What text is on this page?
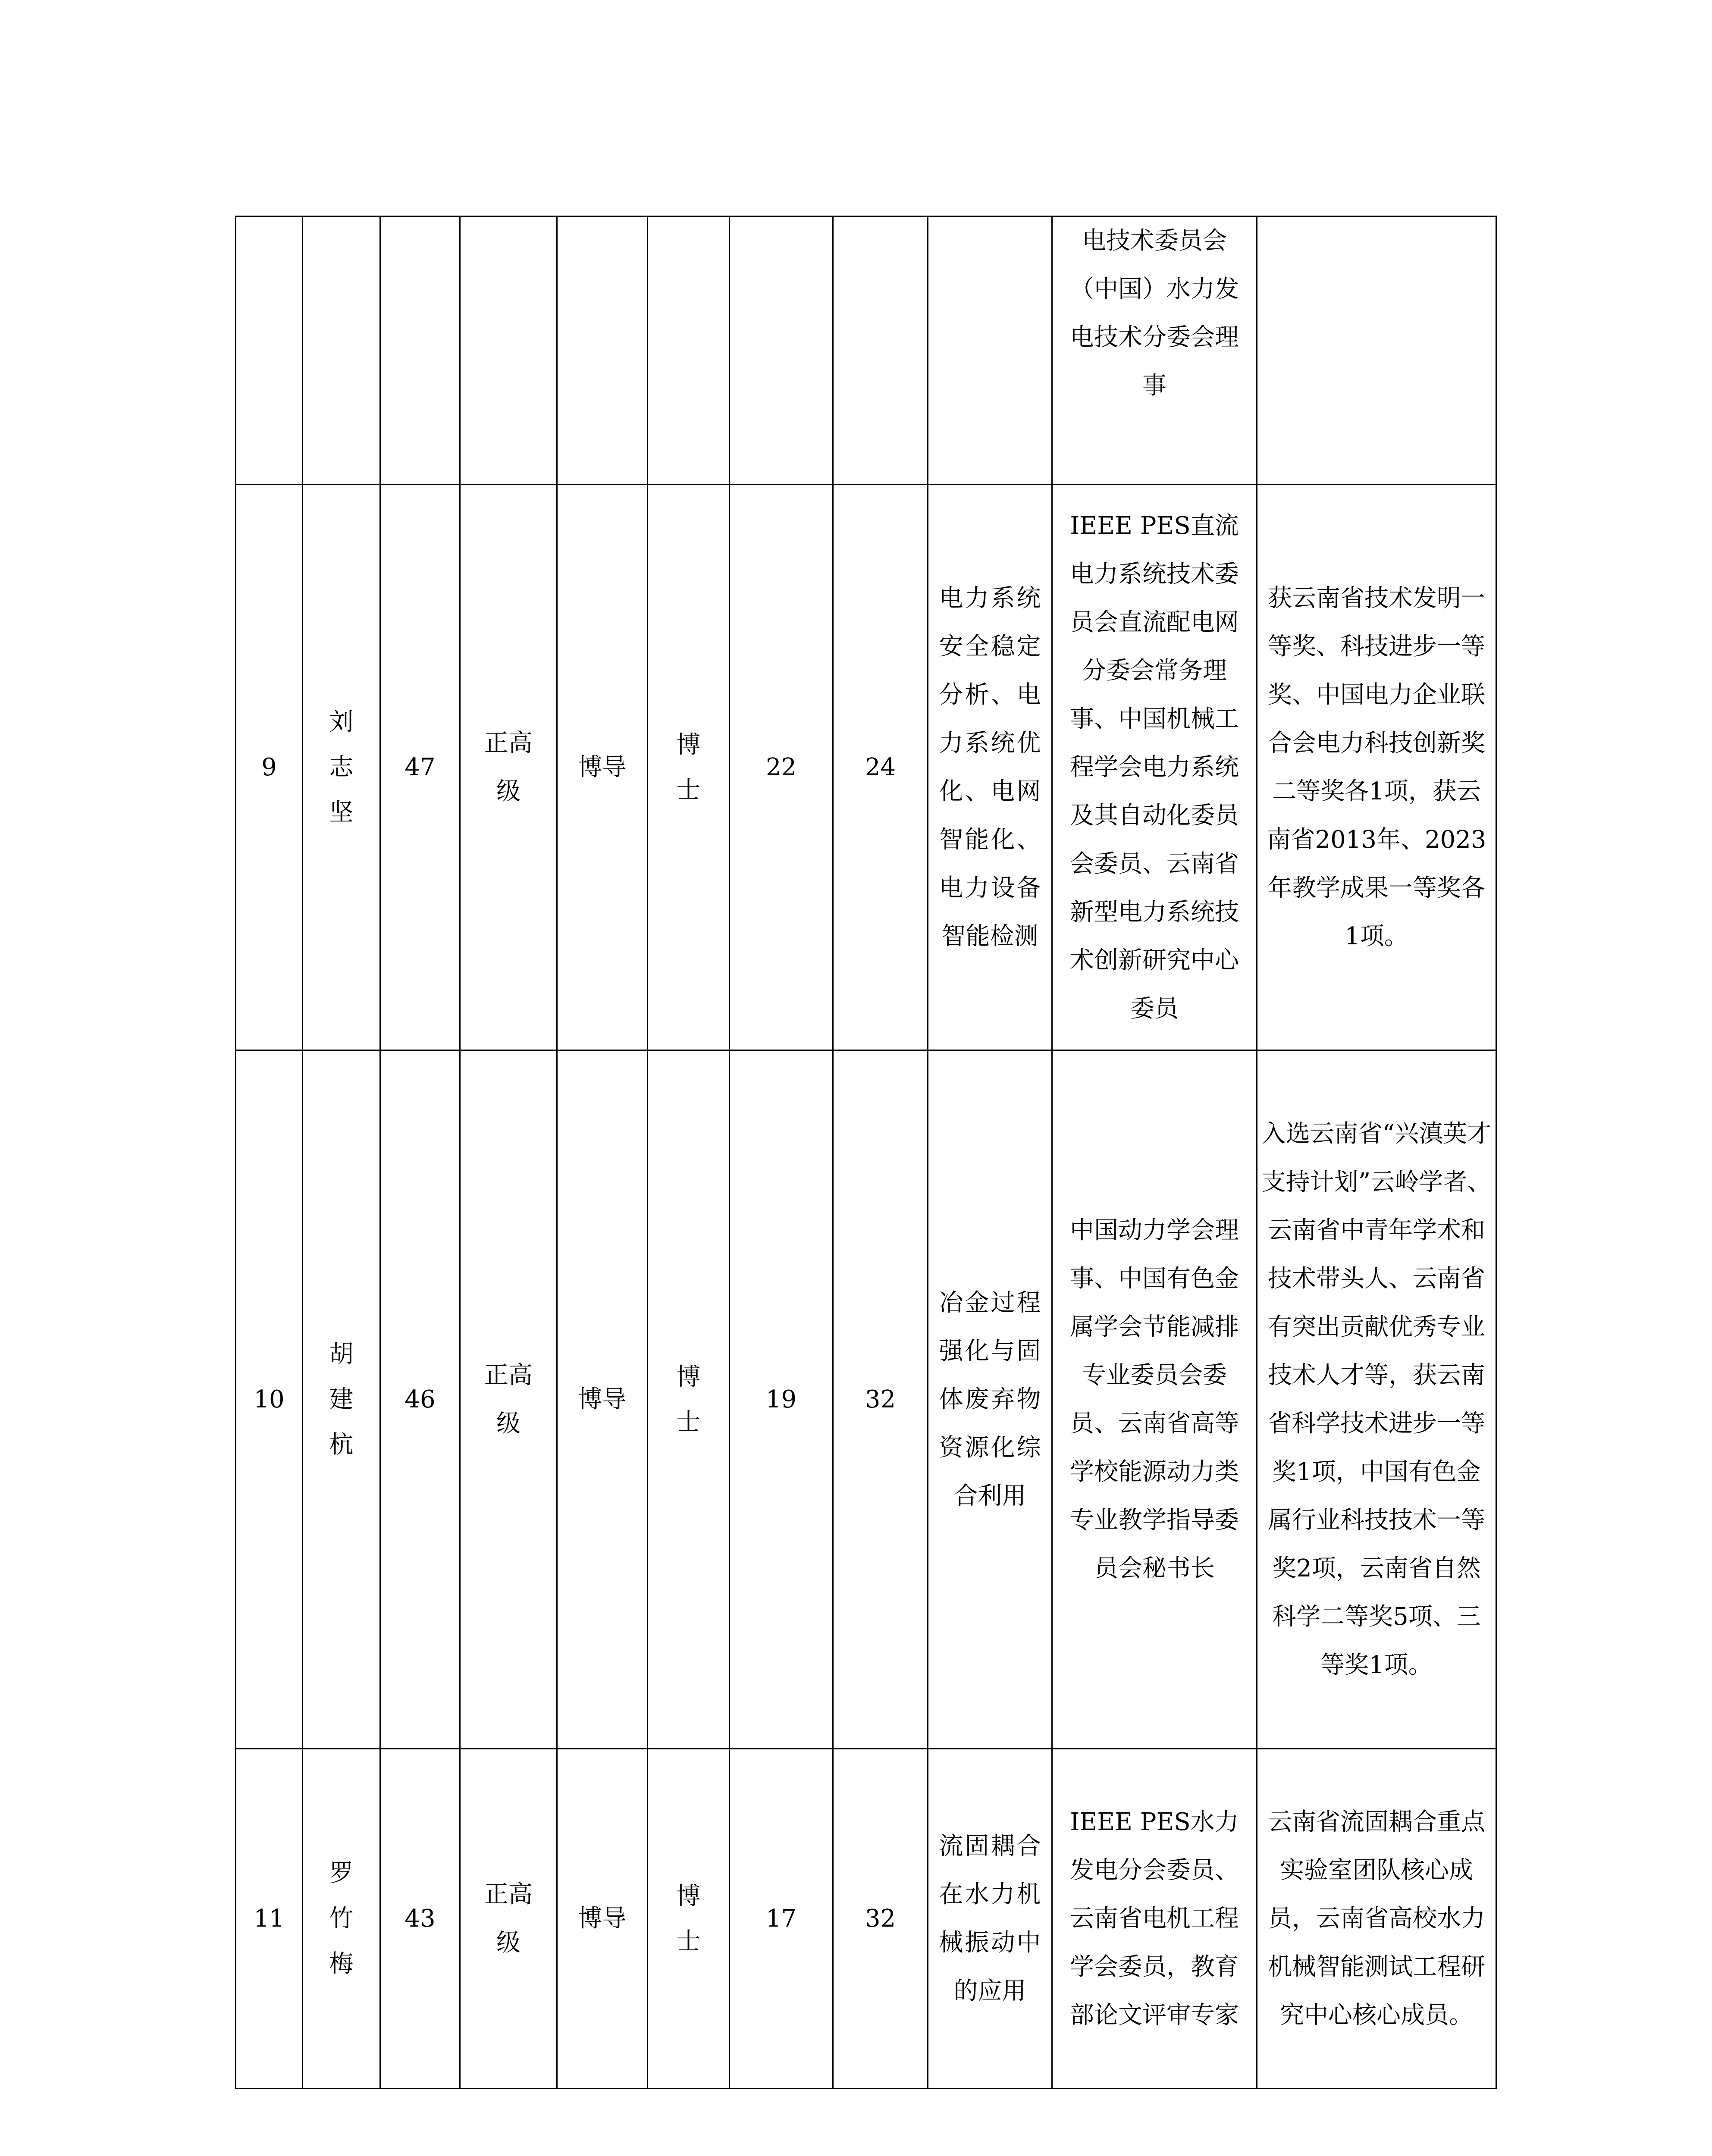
									电技术委员会（中国）水力发电技术分委会理事	

9	刘志坚	47	正高级	博导	博士	22	24	电力系统安全稳定分析、电力系统优化、电网智能化、电力设备智能检测	IEEE PES直流电力系统技术委员会直流配电网分委会常务理事、中国机械工程学会电力系统及其自动化委员会委员、云南省新型电力系统技术创新研究中心委员	获云南省技术发明一等奖、科技进步一等奖、中国电力企业联合会电力科技创新奖二等奖各1项，获云南省2013年、2023年教学成果一等奖各1项。

10	胡建杭	46	正高级	博导	博士	19	32	冶金过程强化与固体废弃物资源化综合利用	中国动力学会理事、中国有色金属学会节能减排专业委员会委员、云南省高等学校能源动力类专业教学指导委员会秘书长	入选云南省“兴滇英才支持计划”云岭学者、云南省中青年学术和技术带头人、云南省有突出贡献优秀专业技术人才等，获云南省科学技术进步一等奖1项，中国有色金属行业科技技术一等奖2项，云南省自然科学二等奖5项、三等奖1项。

11	罗竹梅	43	正高级	博导	博士	17	32	流固耦合在水力机械振动中的应用	IEEE PES水力发电分会委员、云南省电机工程学会委员，教育部论文评审专家	云南省流固耦合重点实验室团队核心成员，云南省高校水力机械智能测试工程研究中心核心成员。
